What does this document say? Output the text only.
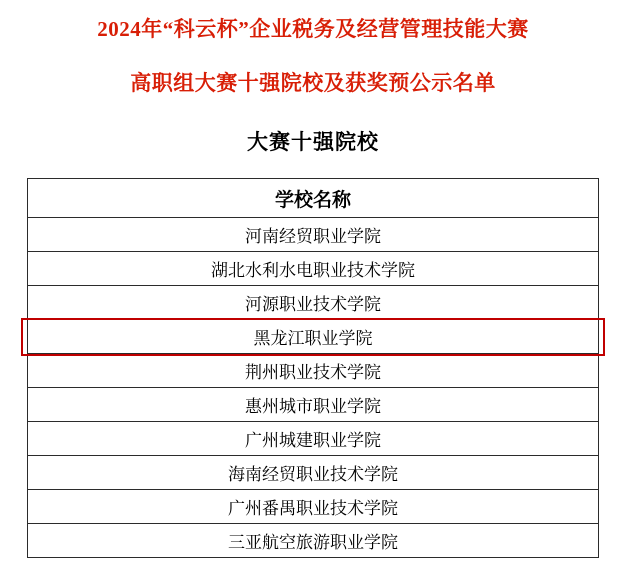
2024年“科云杯”企业税务及经营管理技能大赛
高职组大赛十强院校及获奖预公示名单
大赛十强院校
学校名称
河南经贸职业学院
湖北水利水电职业技术学院
河源职业技术学院
黑龙江职业学院
荆州职业技术学院
惠州城市职业学院
广州城建职业学院
海南经贸职业技术学院
广州番禺职业技术学院
三亚航空旅游职业学院
